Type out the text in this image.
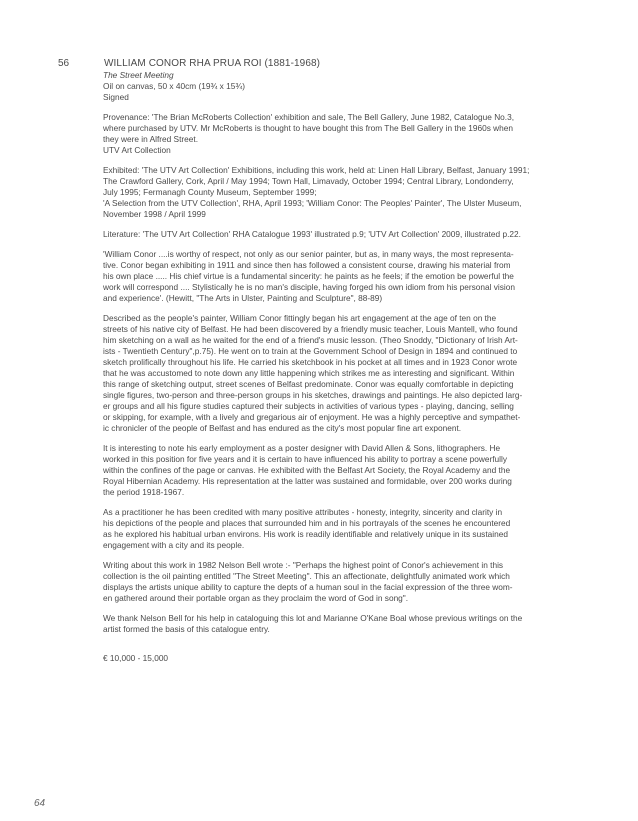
56	WILLIAM CONOR RHA PRUA ROI (1881-1968)
The Street Meeting
Oil on canvas, 50 x 40cm (19¾ x 15¾)
Signed
Provenance: 'The Brian McRoberts Collection' exhibition and sale, The Bell Gallery, June 1982, Catalogue No.3,
where purchased by UTV. Mr McRoberts is thought to have bought this from The Bell Gallery in the 1960s when
they were in Alfred Street.
UTV Art Collection
Exhibited: 'The UTV Art Collection' Exhibitions, including this work, held at: Linen Hall Library, Belfast, January 1991;
The Crawford Gallery, Cork, April / May 1994; Town Hall, Limavady, October 1994; Central Library, Londonderry,
July 1995; Fermanagh County Museum, September 1999;
'A Selection from the UTV Collection', RHA, April 1993; 'William Conor: The Peoples' Painter', The Ulster Museum,
November 1998 / April 1999
Literature: 'The UTV Art Collection' RHA Catalogue 1993' illustrated p.9; 'UTV Art Collection' 2009, illustrated p.22.
'William Conor ....is worthy of respect, not only as our senior painter, but as, in many ways, the most representa-
tive. Conor began exhibiting in 1911 and since then has followed a consistent course, drawing his material from
his own place ..... His chief virtue is a fundamental sincerity: he paints as he feels; if the emotion be powerful the
work will correspond .... Stylistically he is no man's disciple, having forged his own idiom from his personal vision
and experience'. (Hewitt, "The Arts in Ulster, Painting and Sculpture", 88-89)
Described as the people's painter, William Conor fittingly began his art engagement at the age of ten on the
streets of his native city of Belfast. He had been discovered by a friendly music teacher, Louis Mantell, who found
him sketching on a wall as he waited for the end of a friend's music lesson. (Theo Snoddy, "Dictionary of Irish Art-
ists - Twentieth Century",p.75). He went on to train at the Government School of Design in 1894 and continued to
sketch prolifically throughout his life. He carried his sketchbook in his pocket at all times and in 1923 Conor wrote
that he was accustomed to note down any little happening which strikes me as interesting and significant. Within
this range of sketching output, street scenes of Belfast predominate. Conor was equally comfortable in depicting
single figures, two-person and three-person groups in his sketches, drawings and paintings. He also depicted larg-
er groups and all his figure studies captured their subjects in activities of various types - playing, dancing, selling
or skipping, for example, with a lively and gregarious air of enjoyment. He was a highly perceptive and sympathet-
ic chronicler of the people of Belfast and has endured as the city's most popular fine art exponent.
It is interesting to note his early employment as a poster designer with David Allen & Sons, lithographers. He
worked in this position for five years and it is certain to have influenced his ability to portray a scene powerfully
within the confines of the page or canvas. He exhibited with the Belfast Art Society, the Royal Academy and the
Royal Hibernian Academy. His representation at the latter was sustained and formidable, over 200 works during
the period 1918-1967.
As a practitioner he has been credited with many positive attributes - honesty, integrity, sincerity and clarity in
his depictions of the people and places that surrounded him and in his portrayals of the scenes he encountered
as he explored his habitual urban environs. His work is readily identifiable and relatively unique in its sustained
engagement with a city and its people.
Writing about this work in 1982 Nelson Bell wrote :- "Perhaps the highest point of Conor's achievement in this
collection is the oil painting entitled "The Street Meeting". This an affectionate, delightfully animated work which
displays the artists unique ability to capture the depts of a human soul in the facial expression of the three wom-
en gathered around their portable organ as they proclaim the word of God in song".
We thank Nelson Bell for his help in cataloguing this lot and Marianne O'Kane Boal whose previous writings on the
artist formed the basis of this catalogue entry.
€ 10,000 - 15,000
64
